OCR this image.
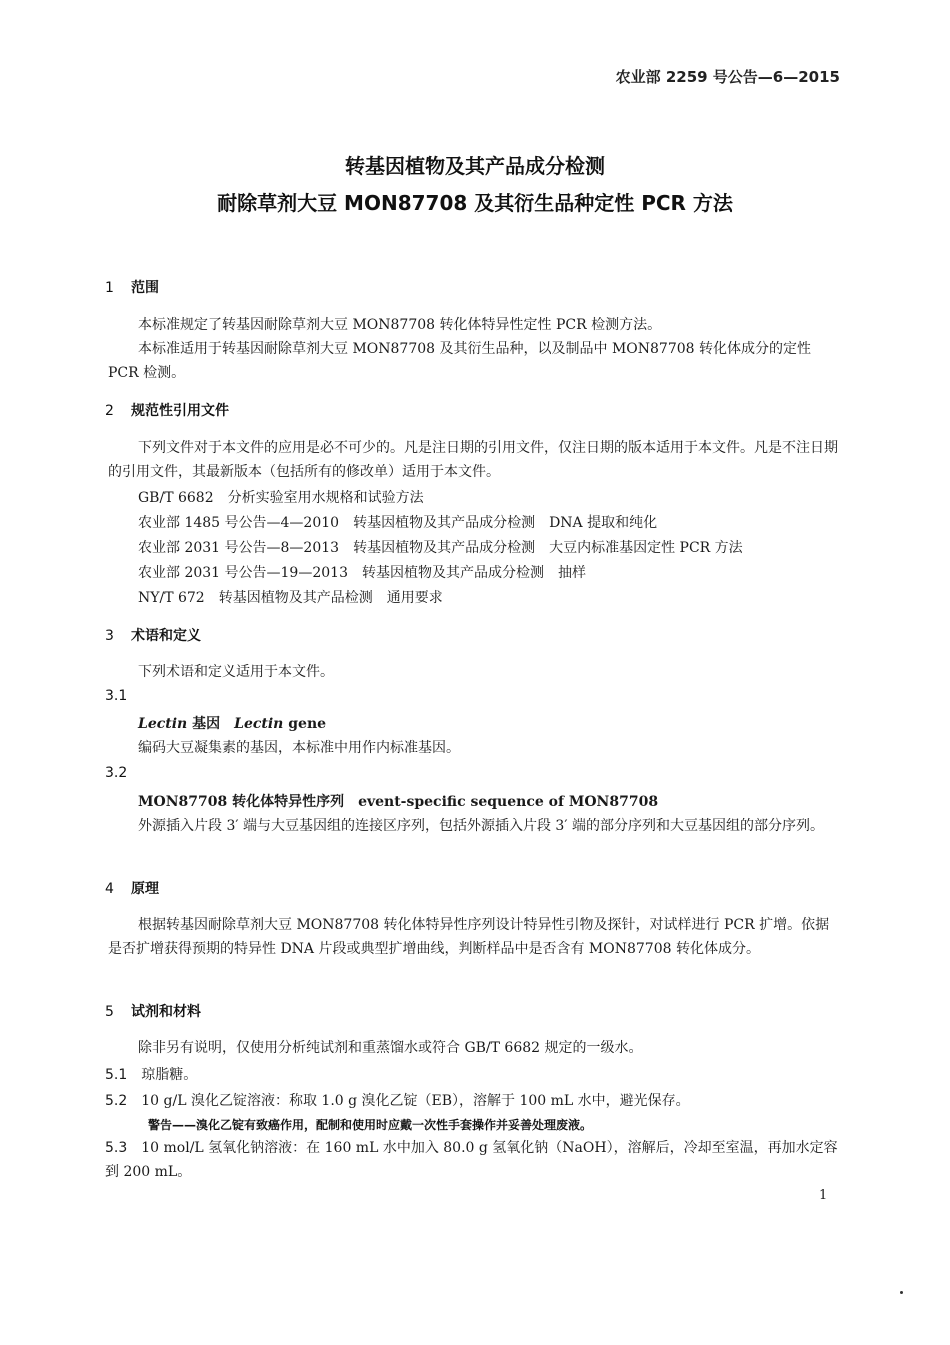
农业部 2259 号公告—6—2015
转基因植物及其产品成分检测
耐除草剂大豆 MON87708 及其衍生品种定性 PCR 方法
1 范围
本标准规定了转基因耐除草剂大豆 MON87708 转化体特异性定性 PCR 检测方法。
本标准适用于转基因耐除草剂大豆 MON87708 及其衍生品种，以及制品中 MON87708 转化体成分的定性 PCR 检测。
2 规范性引用文件
下列文件对于本文件的应用是必不可少的。凡是注日期的引用文件，仅注日期的版本适用于本文件。凡是不注日期的引用文件，其最新版本（包括所有的修改单）适用于本文件。
GB/T 6682 分析实验室用水规格和试验方法
农业部 1485 号公告—4—2010 转基因植物及其产品成分检测 DNA 提取和纯化
农业部 2031 号公告—8—2013 转基因植物及其产品成分检测 大豆内标准基因定性 PCR 方法
农业部 2031 号公告—19—2013 转基因植物及其产品成分检测 抽样
NY/T 672 转基因植物及其产品检测 通用要求
3 术语和定义
下列术语和定义适用于本文件。
3.1
Lectin 基因 Lectin gene
编码大豆凝集素的基因，本标准中用作内标准基因。
3.2
MON87708 转化体特异性序列 event-specific sequence of MON87708
外源插入片段 3′ 端与大豆基因组的连接区序列，包括外源插入片段 3′ 端的部分序列和大豆基因组的部分序列。
4 原理
根据转基因耐除草剂大豆 MON87708 转化体特异性序列设计特异性引物及探针，对试样进行 PCR 扩增。依据是否扩增获得预期的特异性 DNA 片段或典型扩增曲线，判断样品中是否含有 MON87708 转化体成分。
5 试剂和材料
除非另有说明，仅使用分析纯试剂和重蒸馏水或符合 GB/T 6682 规定的一级水。
5.1 琼脂糖。
5.2 10 g/L 溴化乙锭溶液：称取 1.0 g 溴化乙锭（EB），溶解于 100 mL 水中，避光保存。
警告——溴化乙锭有致癌作用，配制和使用时应戴一次性手套操作并妥善处理废液。
5.3 10 mol/L 氢氧化钠溶液：在 160 mL 水中加入 80.0 g 氢氧化钠（NaOH），溶解后，冷却至室温，再加水定容到 200 mL。
1
